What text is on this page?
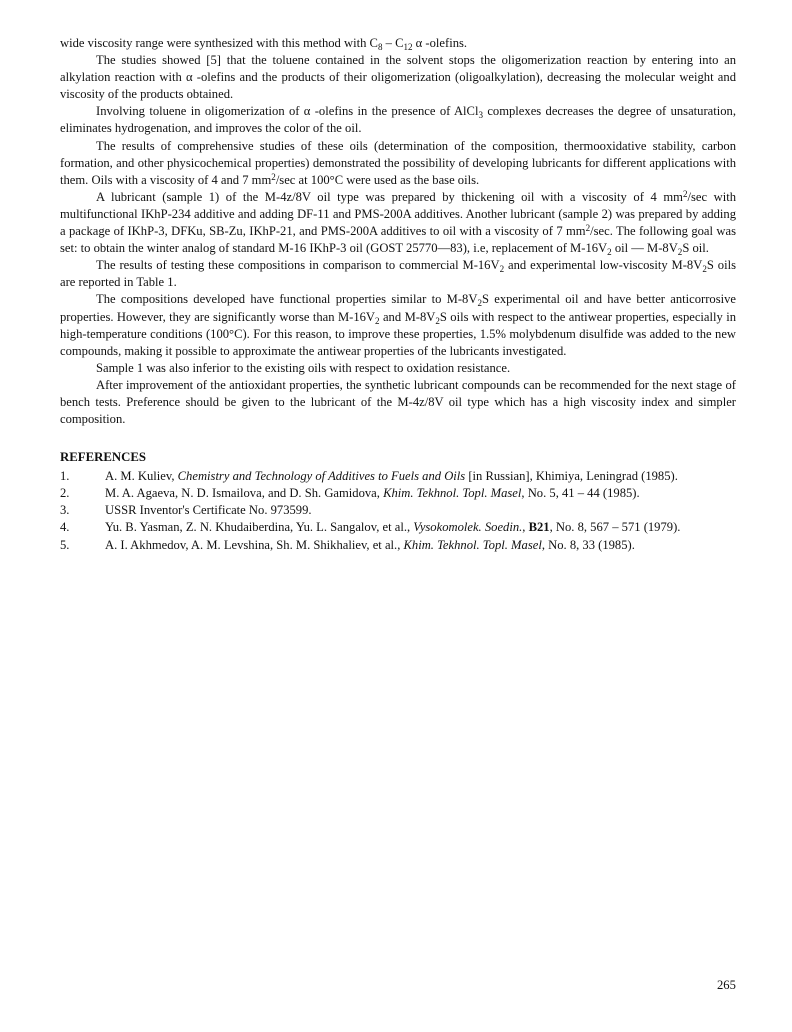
wide viscosity range were synthesized with this method with $C_8 - C_{12}$ α -olefins.

The studies showed [5] that the toluene contained in the solvent stops the oligomerization reaction by entering into an alkylation reaction with α -olefins and the products of their oligomerization (oligoalkylation), decreasing the molecular weight and viscosity of the products obtained.

Involving toluene in oligomerization of α -olefins in the presence of AlCl$_3$ complexes decreases the degree of unsaturation, eliminates hydrogenation, and improves the color of the oil.

The results of comprehensive studies of these oils (determination of the composition, thermooxidative stability, carbon formation, and other physicochemical properties) demonstrated the possibility of developing lubricants for different applications with them. Oils with a viscosity of 4 and 7 $mm^2/\sec$ at 100°C were used as the base oils.

A lubricant (sample 1) of the M-4z/8V oil type was prepared by thickening oil with a viscosity of 4 $mm^2/\sec$ with multifunctional IKhP-234 additive and adding DF-11 and PMS-200A additives. Another lubricant (sample 2) was prepared by adding a package of IKhP-3, DFKu, SB-Zu, IKhP-21, and PMS-200A additives to oil with a viscosity of 7 $mm^2/\sec$. The following goal was set: to obtain the winter analog of standard M-16 IKhP-3 oil (GOST 25770—83), i.e, replacement of $M-16V_2$ oil — $M-8V_2S$ oil.

The results of testing these compositions in comparison to commercial $M-16V_2$ and experimental low-viscosity $M-8V_2S$ oils are reported in Table 1.

The compositions developed have functional properties similar to $M-8V_2S$ experimental oil and have better anticorrosive properties. However, they are significantly worse than $M-16V_2$ and $M-8V_2S$ oils with respect to the antiwear properties, especially in high-temperature conditions (100°C). For this reason, to improve these properties, 1.5% molybdenum disulfide was added to the new compounds, making it possible to approximate the antiwear properties of the lubricants investigated.

Sample 1 was also inferior to the existing oils with respect to oxidation resistance.

After improvement of the antioxidant properties, the synthetic lubricant compounds can be recommended for the next stage of bench tests. Preference should be given to the lubricant of the M-4z/8V oil type which has a high viscosity index and simpler composition.

REFERENCES
1.	A. M. Kuliev, Chemistry and Technology of Additives to Fuels and Oils [in Russian], Khimiya, Leningrad (1985).
2.	M. A. Agaeva, N. D. Ismailova, and D. Sh. Gamidova, Khim. Tekhnol. Topl. Masel, No. 5, 41 – 44 (1985).
3.	USSR Inventor's Certificate No. 973599.
4.	Yu. B. Yasman, Z. N. Khudaiberdina, Yu. L. Sangalov, et al., Vysokomolek. Soedin., B21, No. 8, 567 – 571 (1979).
5.	A. I. Akhmedov, A. M. Levshina, Sh. M. Shikhaliev, et al., Khim. Tekhnol. Topl. Masel, No. 8, 33 (1985).
265
